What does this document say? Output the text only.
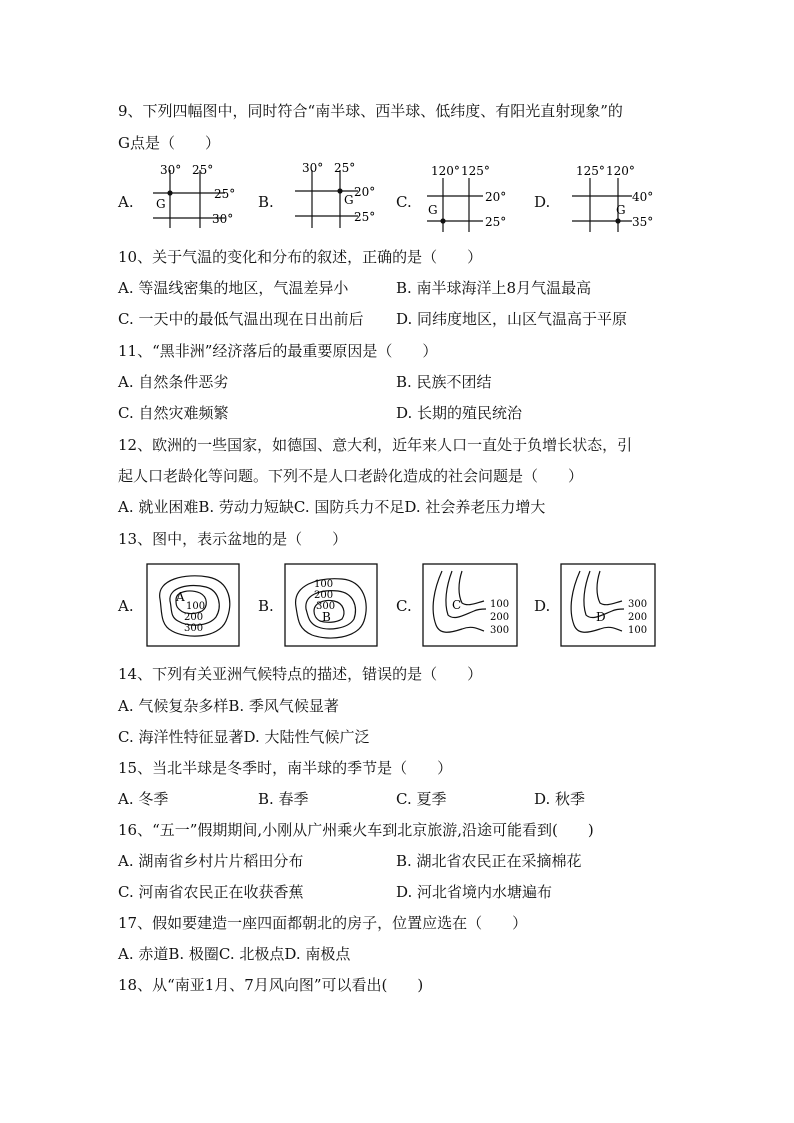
9、下列四幅图中，同时符合“南半球、西半球、低纬度、有阳光直射现象”的
G点是（　　）
A.
30° 25°
25°
30°
G	B.
30° 25°
20°
25°
G	C.
120° 125°
20°
25°
G	D.
125° 120°
40°
35°
G
10、关于气温的变化和分布的叙述，正确的是（　　）
A. 等温线密集的地区，气温差异小	B. 南半球海洋上8月气温最高
C. 一天中的最低气温出现在日出前后 D. 同纬度地区，山区气温高于平原
11、“黑非洲”经济落后的最重要原因是（　　）
A. 自然条件恶劣	B. 民族不团结
C. 自然灾难频繁	D. 长期的殖民统治
12、欧洲的一些国家，如德国、意大利，近年来人口一直处于负增长状态，引
起人口老龄化等问题。下列不是人口老龄化造成的社会问题是（　　）
A. 就业困难B. 劳动力短缺C. 国防兵力不足D. 社会养老压力增大
13、图中，表示盆地的是（　　）
A.	A
100
200
300
B.
100
200
300
B
C.	C	100
200
300
D.
D
300
200
100
14、下列有关亚洲气候特点的描述，错误的是（　　）
A. 气候复杂多样B. 季风气候显著
C. 海洋性特征显著D. 大陆性气候广泛
15、当北半球是冬季时，南半球的季节是（　　）
A. 冬季	B. 春季	C. 夏季	D. 秋季
16、“五一”假期期间,小刚从广州乘火车到北京旅游,沿途可能看到(　　)
A. 湖南省乡村片片稻田分布	B. 湖北省农民正在采摘棉花
C. 河南省农民正在收获香蕉	D. 河北省境内水塘遍布
17、假如要建造一座四面都朝北的房子，位置应选在（　　）
A. 赤道B. 极圈C. 北极点D. 南极点
18、从“南亚1月、7月风向图”可以看出(　　)
